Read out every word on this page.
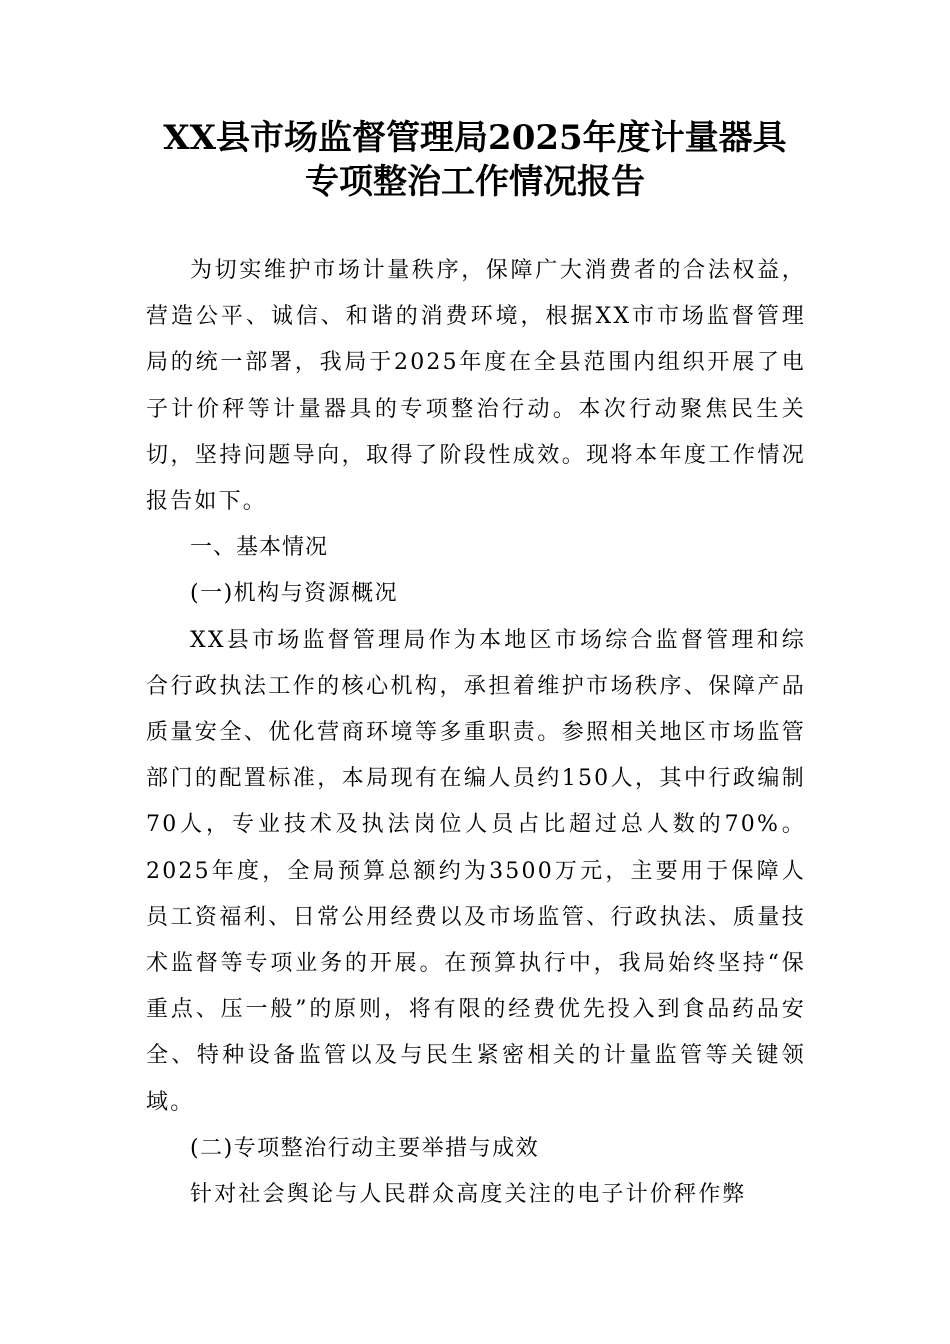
XX县市场监督管理局2025年度计量器具
专项整治工作情况报告

为切实维护市场计量秩序，保障广大消费者的合法权益，营造公平、诚信、和谐的消费环境，根据XX市市场监督管理局的统一部署，我局于2025年度在全县范围内组织开展了电子计价秤等计量器具的专项整治行动。本次行动聚焦民生关切，坚持问题导向，取得了阶段性成效。现将本年度工作情况报告如下。

一、基本情况

(一)机构与资源概况

XX县市场监督管理局作为本地区市场综合监督管理和综合行政执法工作的核心机构，承担着维护市场秩序、保障产品质量安全、优化营商环境等多重职责。参照相关地区市场监管部门的配置标准，本局现有在编人员约150人，其中行政编制70人，专业技术及执法岗位人员占比超过总人数的70%。2025年度，全局预算总额约为3500万元，主要用于保障人员工资福利、日常公用经费以及市场监管、行政执法、质量技术监督等专项业务的开展。在预算执行中，我局始终坚持“保重点、压一般”的原则，将有限的经费优先投入到食品药品安全、特种设备监管以及与民生紧密相关的计量监管等关键领域。

(二)专项整治行动主要举措与成效

针对社会舆论与人民群众高度关注的电子计价秤作弊
